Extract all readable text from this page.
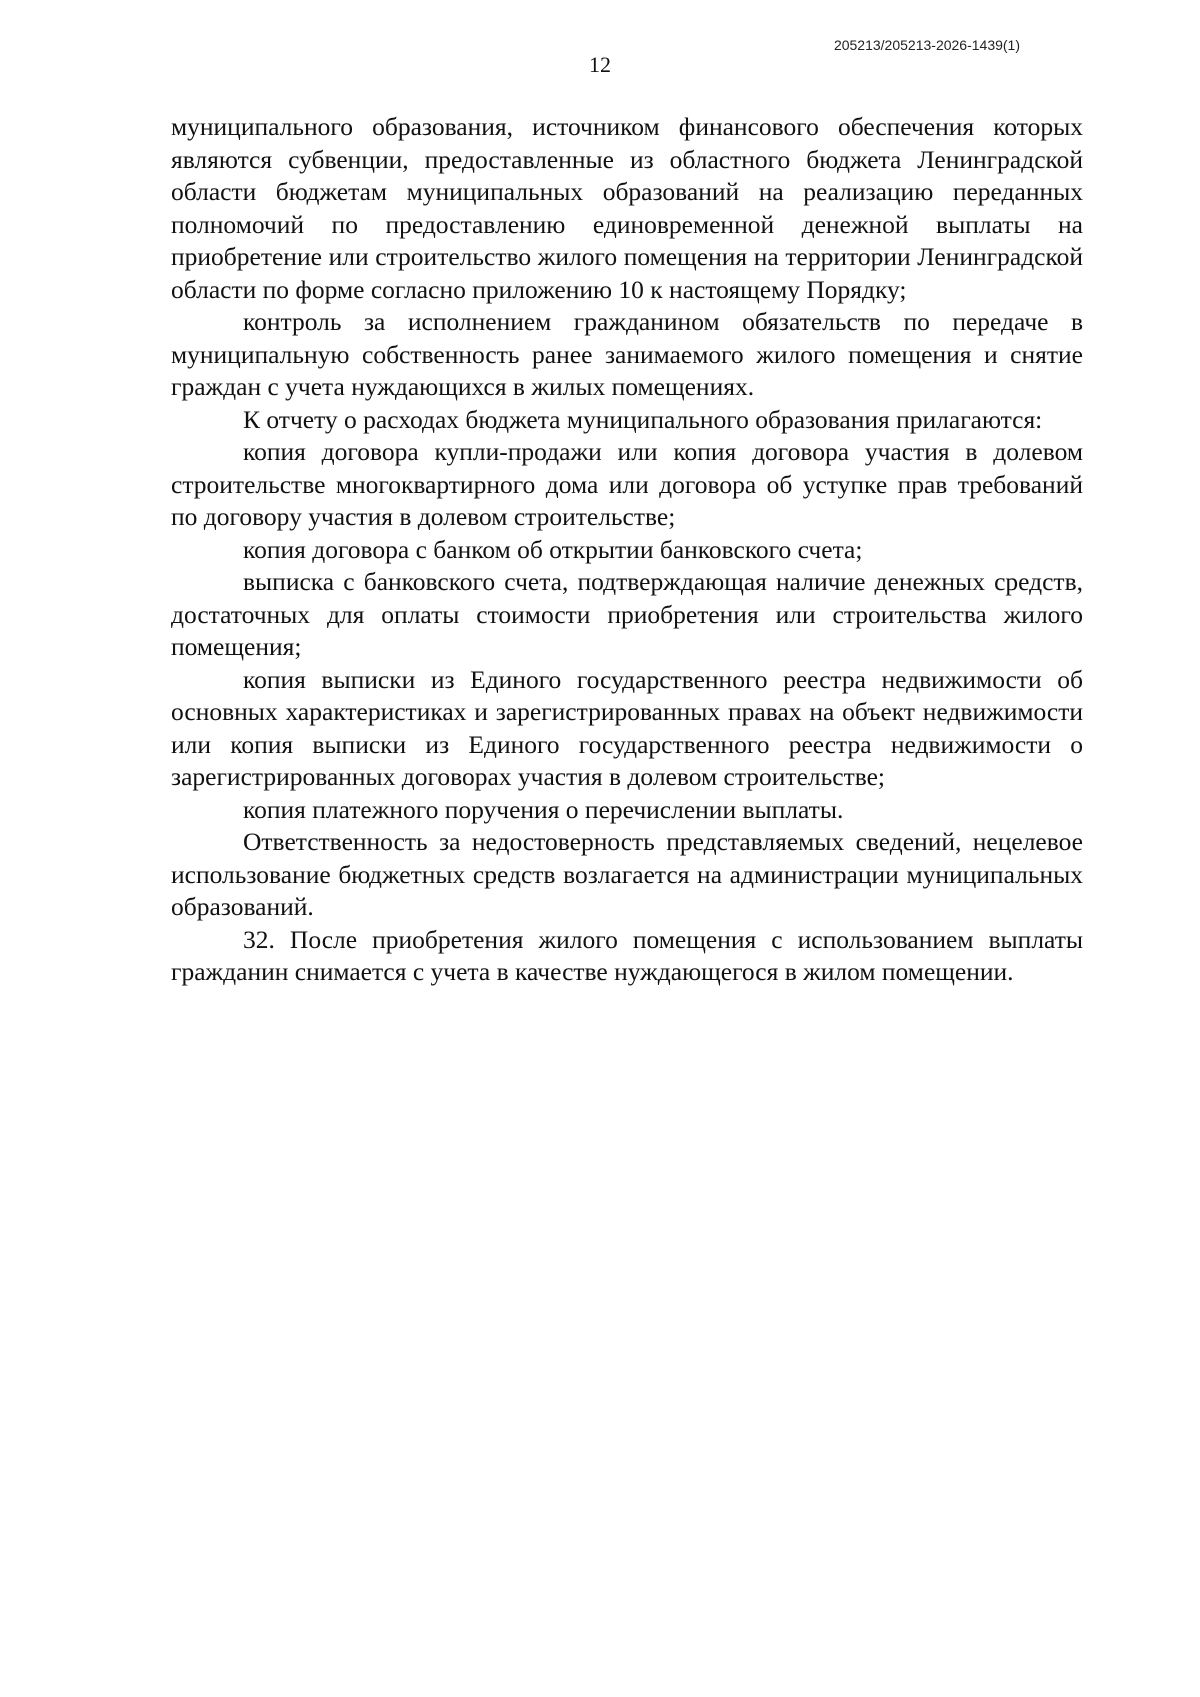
205213/205213-2026-1439(1)
12

муниципального образования, источником финансового обеспечения которых являются субвенции, предоставленные из областного бюджета Ленинградской области бюджетам муниципальных образований на реализацию переданных полномочий по предоставлению единовременной денежной выплаты на приобретение или строительство жилого помещения на территории Ленинградской области по форме согласно приложению 10 к настоящему Порядку;

контроль за исполнением гражданином обязательств по передаче в муниципальную собственность ранее занимаемого жилого помещения и снятие граждан с учета нуждающихся в жилых помещениях.

К отчету о расходах бюджета муниципального образования прилагаются:

копия договора купли-продажи или копия договора участия в долевом строительстве многоквартирного дома или договора об уступке прав требований по договору участия в долевом строительстве;

копия договора с банком об открытии банковского счета;

выписка с банковского счета, подтверждающая наличие денежных средств, достаточных для оплаты стоимости приобретения или строительства жилого помещения;

копия выписки из Единого государственного реестра недвижимости об основных характеристиках и зарегистрированных правах на объект недвижимости или копия выписки из Единого государственного реестра недвижимости о зарегистрированных договорах участия в долевом строительстве;

копия платежного поручения о перечислении выплаты.

Ответственность за недостоверность представляемых сведений, нецелевое использование бюджетных средств возлагается на администрации муниципальных образований.

32. После приобретения жилого помещения с использованием выплаты гражданин снимается с учета в качестве нуждающегося в жилом помещении.
